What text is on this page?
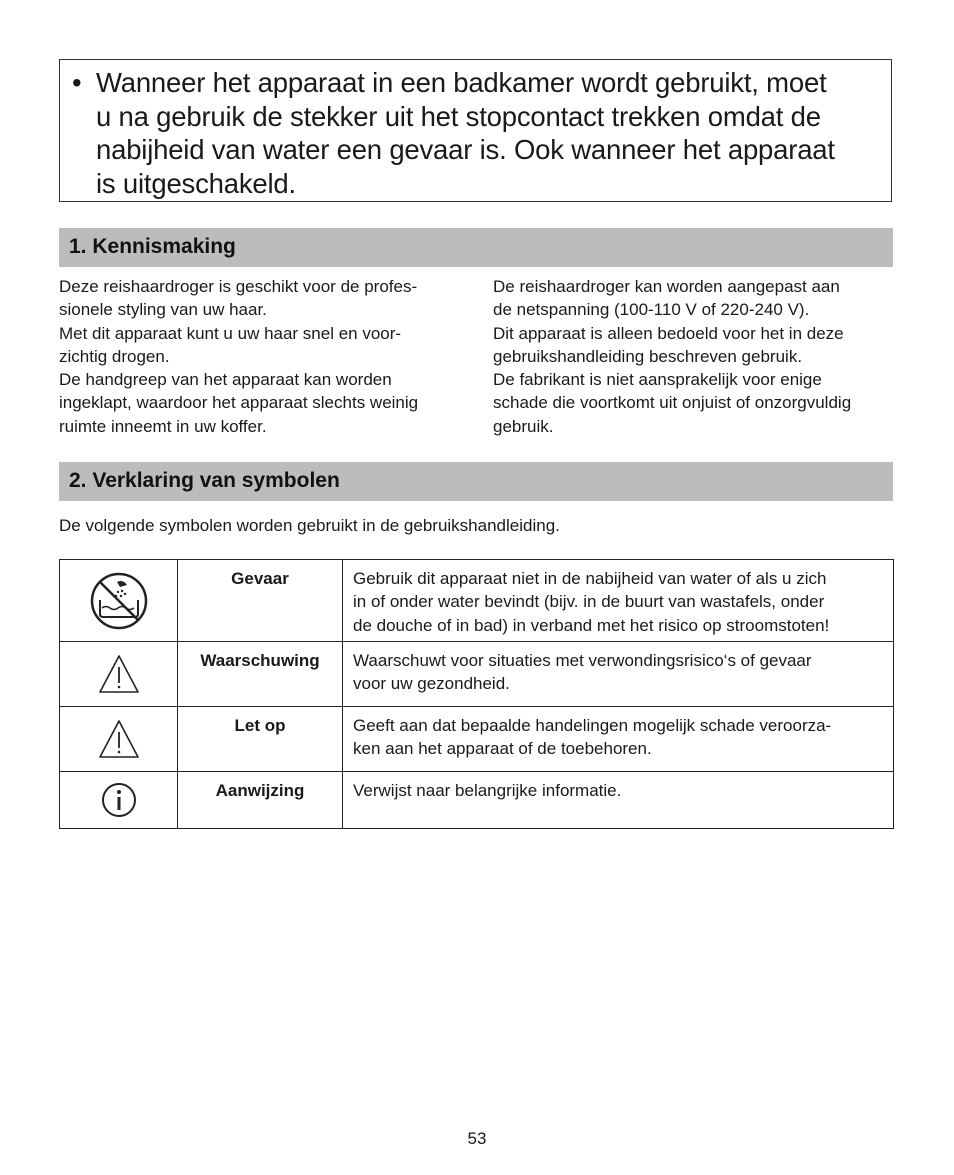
• Wanneer het apparaat in een badkamer wordt gebruikt, moet
u na gebruik de stekker uit het stopcontact trekken omdat de
nabijheid van water een gevaar is. Ook wanneer het apparaat
is uitgeschakeld.
1. Kennismaking

Deze reishaardroger is geschikt voor de profes-

sionele styling van uw haar.

Met dit apparaat kunt u uw haar snel en voor-

zichtig drogen.

De handgreep van het apparaat kan worden

ingeklapt, waardoor het apparaat slechts weinig

ruimte inneemt in uw koffer.

De reishaardroger kan worden aangepast aan

de netspanning (100-110 V of 220-240 V).

Dit apparaat is alleen bedoeld voor het in deze

gebruikshandleiding beschreven gebruik.

De fabrikant is niet aansprakelijk voor enige

schade die voortkomt uit onjuist of onzorgvuldig

gebruik.

2. Verklaring van symbolen
De volgende symbolen worden gebruikt in de gebruikshandleiding.
	Gevaar	Gebruik dit apparaat niet in de nabijheid van water of als u zich
in of onder water bevindt (bijv. in de buurt van wastafels, onder
de douche of in bad) in verband met het risico op stroomstoten!

	Waarschuwing	Waarschuwt voor situaties met verwondingsrisico‘s of gevaar
voor uw gezondheid.

	Let op	Geeft aan dat bepaalde handelingen mogelijk schade veroorza-
ken aan het apparaat of de toebehoren.

	Aanwijzing	Verwijst naar belangrijke informatie.
53
